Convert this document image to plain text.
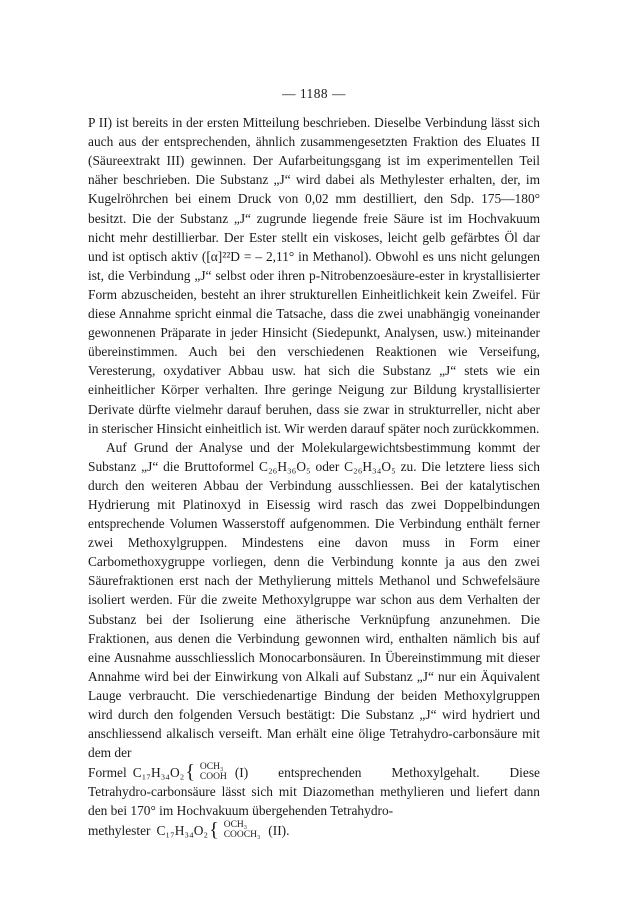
— 1188 —

P II) ist bereits in der ersten Mitteilung beschrieben. Dieselbe Verbindung lässt sich auch aus der entsprechenden, ähnlich zusammengesetzten Fraktion des Eluates II (Säureextrakt III) gewinnen. Der Aufarbeitungsgang ist im experimentellen Teil näher beschrieben. Die Substanz „J“ wird dabei als Methylester erhalten, der, im Kugelröhrchen bei einem Druck von 0,02 mm destilliert, den Sdp. 175—180° besitzt. Die der Substanz „J“ zugrunde liegende freie Säure ist im Hochvakuum nicht mehr destillierbar. Der Ester stellt ein viskoses, leicht gelb gefärbtes Öl dar und ist optisch aktiv ([α]²²D = – 2,11° in Methanol). Obwohl es uns nicht gelungen ist, die Verbindung „J“ selbst oder ihren p-Nitrobenzoesäure-ester in krystallisierter Form abzuscheiden, besteht an ihrer strukturellen Einheitlichkeit kein Zweifel. Für diese Annahme spricht einmal die Tatsache, dass die zwei unabhängig voneinander gewonnenen Präparate in jeder Hinsicht (Siedepunkt, Analysen, usw.) miteinander übereinstimmen. Auch bei den verschiedenen Reaktionen wie Verseifung, Veresterung, oxydativer Abbau usw. hat sich die Substanz „J“ stets wie ein einheitlicher Körper verhalten. Ihre geringe Neigung zur Bildung krystallisierter Derivate dürfte vielmehr darauf beruhen, dass sie zwar in strukturreller, nicht aber in sterischer Hinsicht einheitlich ist. Wir werden darauf später noch zurückkommen.

Auf Grund der Analyse und der Molekulargewichtsbestimmung kommt der Substanz „J“ die Bruttoformel C₂₆H₃₆O₅ oder C₂₆H₃₄O₅ zu. Die letztere liess sich durch den weiteren Abbau der Verbindung ausschliessen. Bei der katalytischen Hydrierung mit Platinoxyd in Eisessig wird rasch das zwei Doppelbindungen entsprechende Volumen Wasserstoff aufgenommen. Die Verbindung enthält ferner zwei Methoxylgruppen. Mindestens eine davon muss in Form einer Carbomethoxygruppe vorliegen, denn die Verbindung konnte ja aus den zwei Säurefraktionen erst nach der Methylierung mittels Methanol und Schwefelsäure isoliert werden. Für die zweite Methoxylgruppe war schon aus dem Verhalten der Substanz bei der Isolierung eine ätherische Verknüpfung anzunehmen. Die Fraktionen, aus denen die Verbindung gewonnen wird, enthalten nämlich bis auf eine Ausnahme ausschliesslich Monocarbonsäuren. In Übereinstimmung mit dieser Annahme wird bei der Einwirkung von Alkali auf Substanz „J“ nur ein Äquivalent Lauge verbraucht. Die verschiedenartige Bindung der beiden Methoxylgruppen wird durch den folgenden Versuch bestätigt: Die Substanz „J“ wird hydriert und anschliessend alkalisch verseift. Man erhält eine ölige Tetrahydro-carbonsäure mit dem der

Formel C₁₇H₃₄O₂ { OCH₃
COOH (I) entsprechenden Methoxylgehalt. Diese

Tetrahydro-carbonsäure lässt sich mit Diazomethan methylieren und liefert dann den bei 170° im Hochvakuum übergehenden Tetrahydro-

methylester C₁₇H₃₄O₂ { OCH₃
COOCH₃ (II).
